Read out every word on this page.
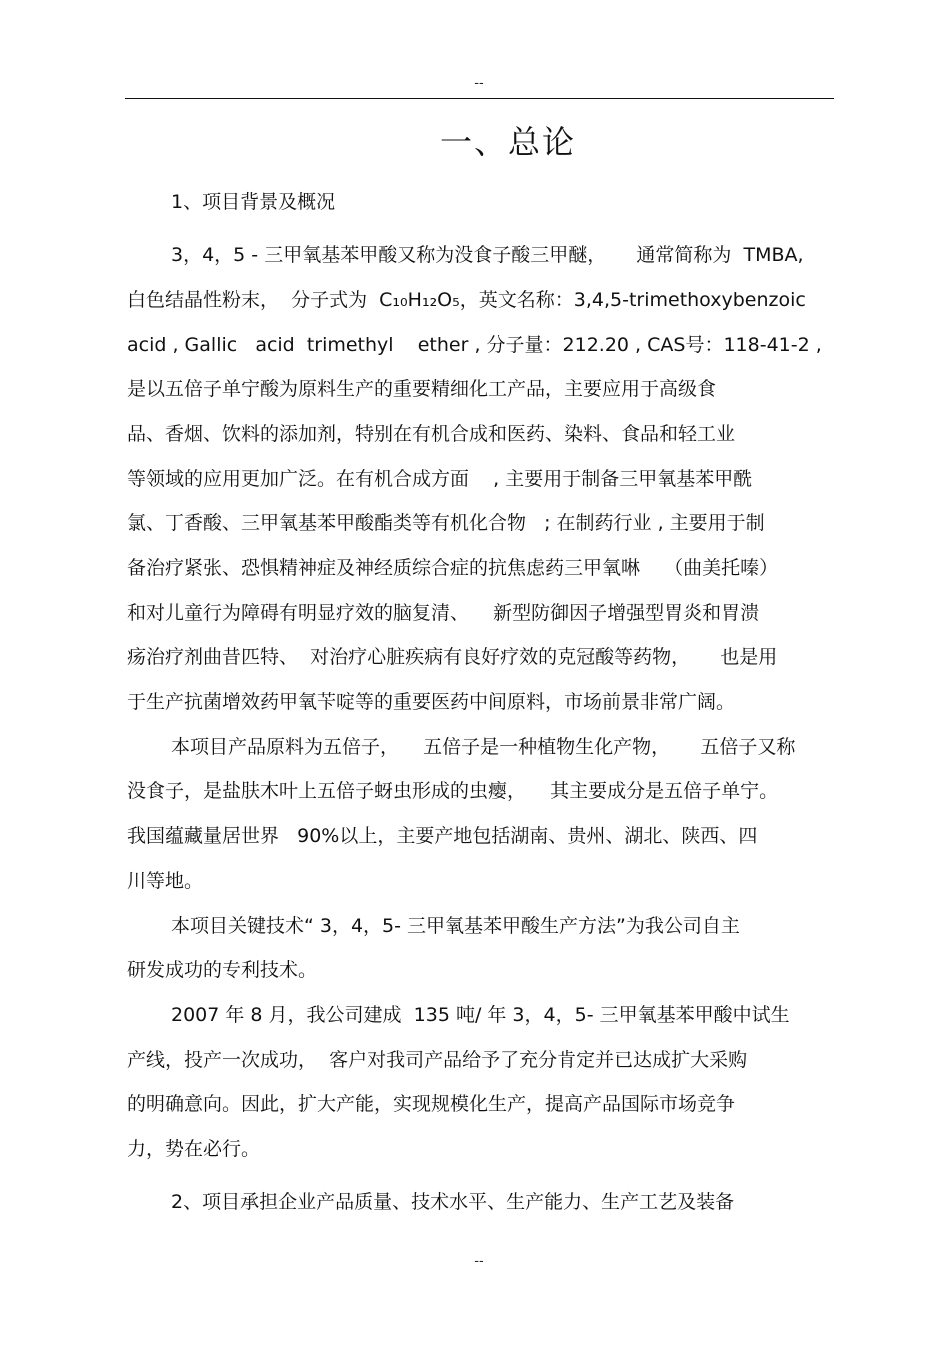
--
一、总论
1、项目背景及概况
3，4，5 - 三甲氧基苯甲酸又称为没食子酸三甲醚，     通常简称为  TMBA,
白色结晶性粉末，  分子式为  C₁₀H₁₂O₅，英文名称：3,4,5-trimethoxybenzoic
acid , Gallic   acid  trimethyl    ether , 分子量：212.20 , CAS号：118-41-2 ,
是以五倍子单宁酸为原料生产的重要精细化工产品，主要应用于高级食
品、香烟、饮料的添加剂，特别在有机合成和医药、染料、食品和轻工业
等领域的应用更加广泛。在有机合成方面    , 主要用于制备三甲氧基苯甲酰
氯、丁香酸、三甲氧基苯甲酸酯类等有机化合物   ; 在制药行业 , 主要用于制
备治疗紧张、恐惧精神症及神经质综合症的抗焦虑药三甲氧啉    （曲美托嗪）
和对儿童行为障碍有明显疗效的脑复清、    新型防御因子增强型胃炎和胃溃
疡治疗剂曲昔匹特、  对治疗心脏疾病有良好疗效的克冠酸等药物，     也是用
于生产抗菌增效药甲氧苄啶等的重要医药中间原料，市场前景非常广阔。
本项目产品原料为五倍子，    五倍子是一种植物生化产物，     五倍子又称
没食子，是盐肤木叶上五倍子蚜虫形成的虫瘿，    其主要成分是五倍子单宁。
我国蕴藏量居世界   90%以上，主要产地包括湖南、贵州、湖北、陕西、四
川等地。
本项目关键技术“ 3，4，5- 三甲氧基苯甲酸生产方法”为我公司自主
研发成功的专利技术。
2007 年 8 月，我公司建成  135 吨/ 年 3，4，5- 三甲氧基苯甲酸中试生
产线，投产一次成功，  客户对我司产品给予了充分肯定并已达成扩大采购
的明确意向。因此，扩大产能，实现规模化生产，提高产品国际市场竞争
力，势在必行。
2、项目承担企业产品质量、技术水平、生产能力、生产工艺及装备
--
